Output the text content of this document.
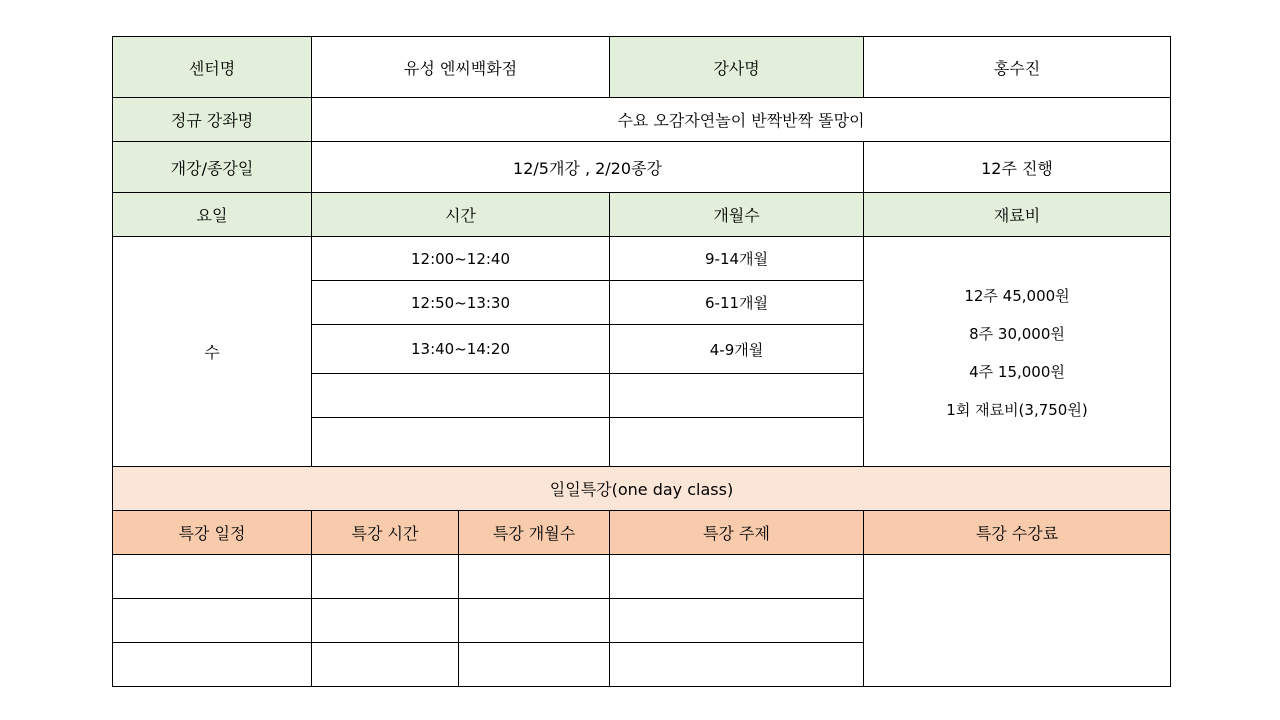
센터명	유성 엔씨백화점		강사명	홍수진
정규 강좌명	수요 오감자연놀이 반짝반짝 똘망이			
개강/종강일	12/5개강 , 2/20종강			12주 진행
요일	시간		개월수	재료비
수	12:00~12:40		9-14개월	12주 45,000원
8주 30,000원
4주 15,000원
1회 재료비(3,750원)

	12:50~13:30		6-11개월	
	13:40~14:20		4-9개월	

일일특강(one day class)				
특강 일정	특강 시간	특강 개월수	특강 주제	특강 수강료
